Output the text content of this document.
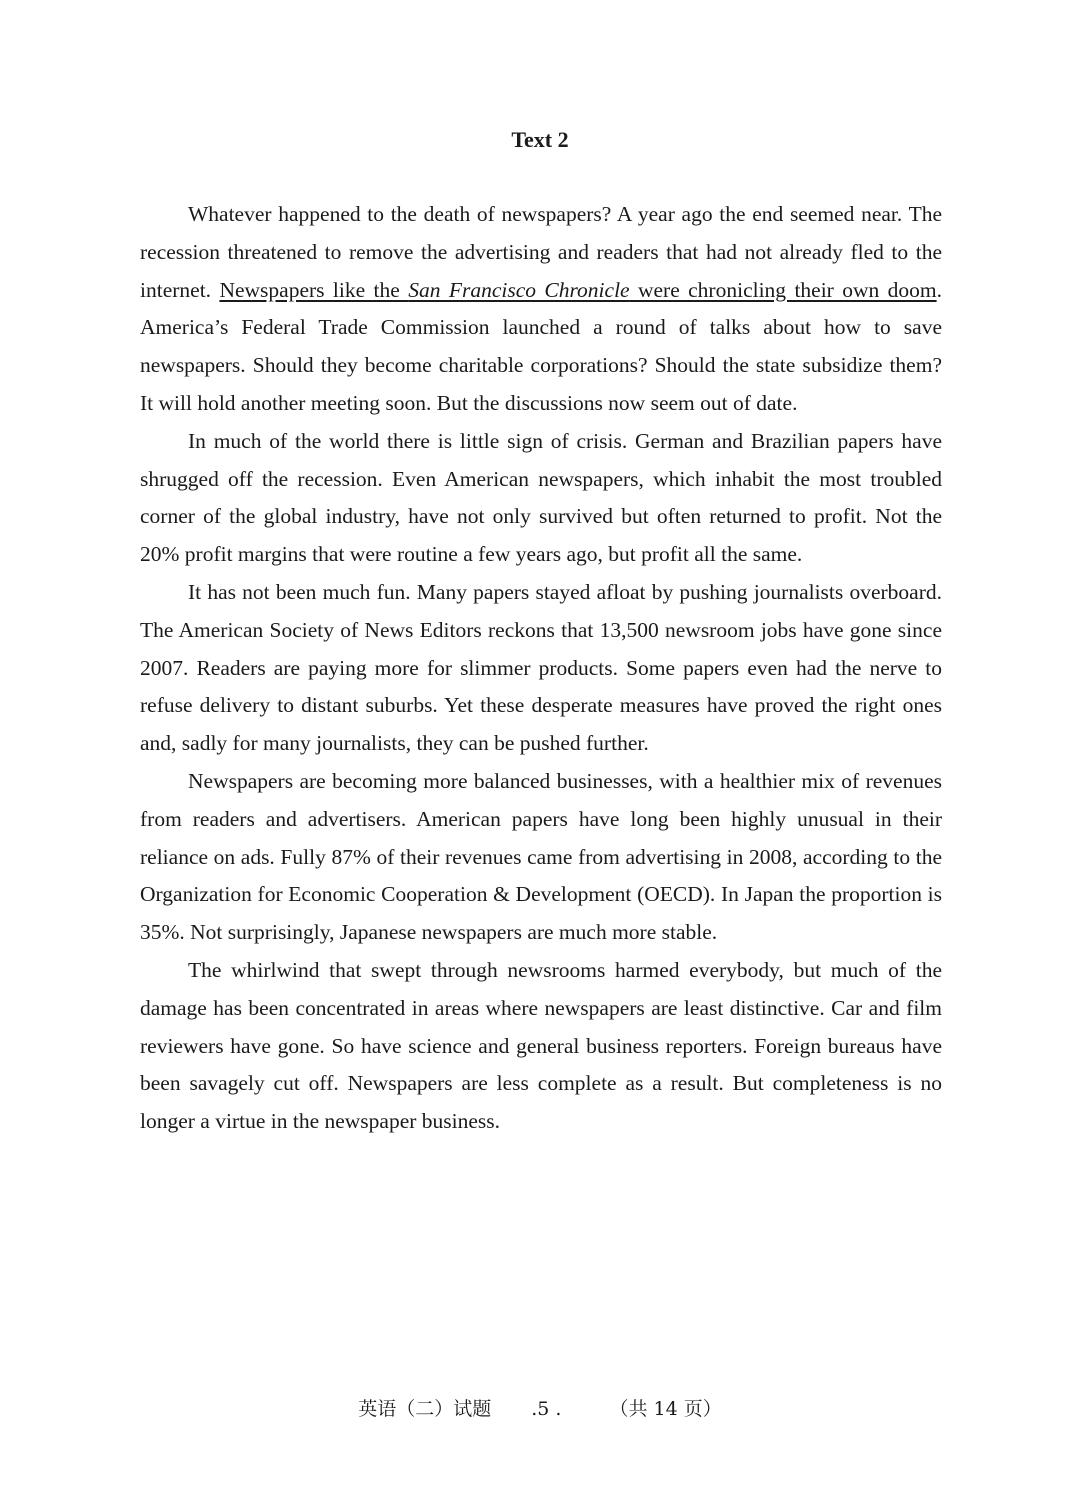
Text 2

Whatever happened to the death of newspapers? A year ago the end seemed near. The recession threatened to remove the advertising and readers that had not already fled to the internet. Newspapers like the San Francisco Chronicle were chronicling their own doom. America’s Federal Trade Commission launched a round of talks about how to save newspapers. Should they become charitable corporations? Should the state subsidize them? It will hold another meeting soon. But the discussions now seem out of date.

In much of the world there is little sign of crisis. German and Brazilian papers have shrugged off the recession. Even American newspapers, which inhabit the most troubled corner of the global industry, have not only survived but often returned to profit. Not the 20% profit margins that were routine a few years ago, but profit all the same.

It has not been much fun. Many papers stayed afloat by pushing journalists overboard. The American Society of News Editors reckons that 13,500 newsroom jobs have gone since 2007. Readers are paying more for slimmer products. Some papers even had the nerve to refuse delivery to distant suburbs. Yet these desperate measures have proved the right ones and, sadly for many journalists, they can be pushed further.

Newspapers are becoming more balanced businesses, with a healthier mix of revenues from readers and advertisers. American papers have long been highly unusual in their reliance on ads. Fully 87% of their revenues came from advertising in 2008, according to the Organization for Economic Cooperation & Development (OECD). In Japan the proportion is 35%. Not surprisingly, Japanese newspapers are much more stable.

The whirlwind that swept through newsrooms harmed everybody, but much of the damage has been concentrated in areas where newspapers are least distinctive. Car and film reviewers have gone. So have science and general business reporters. Foreign bureaus have been savagely cut off. Newspapers are less complete as a result. But completeness is no longer a virtue in the newspaper business.

英语（二）试题 .5 .	（共 14 页）
